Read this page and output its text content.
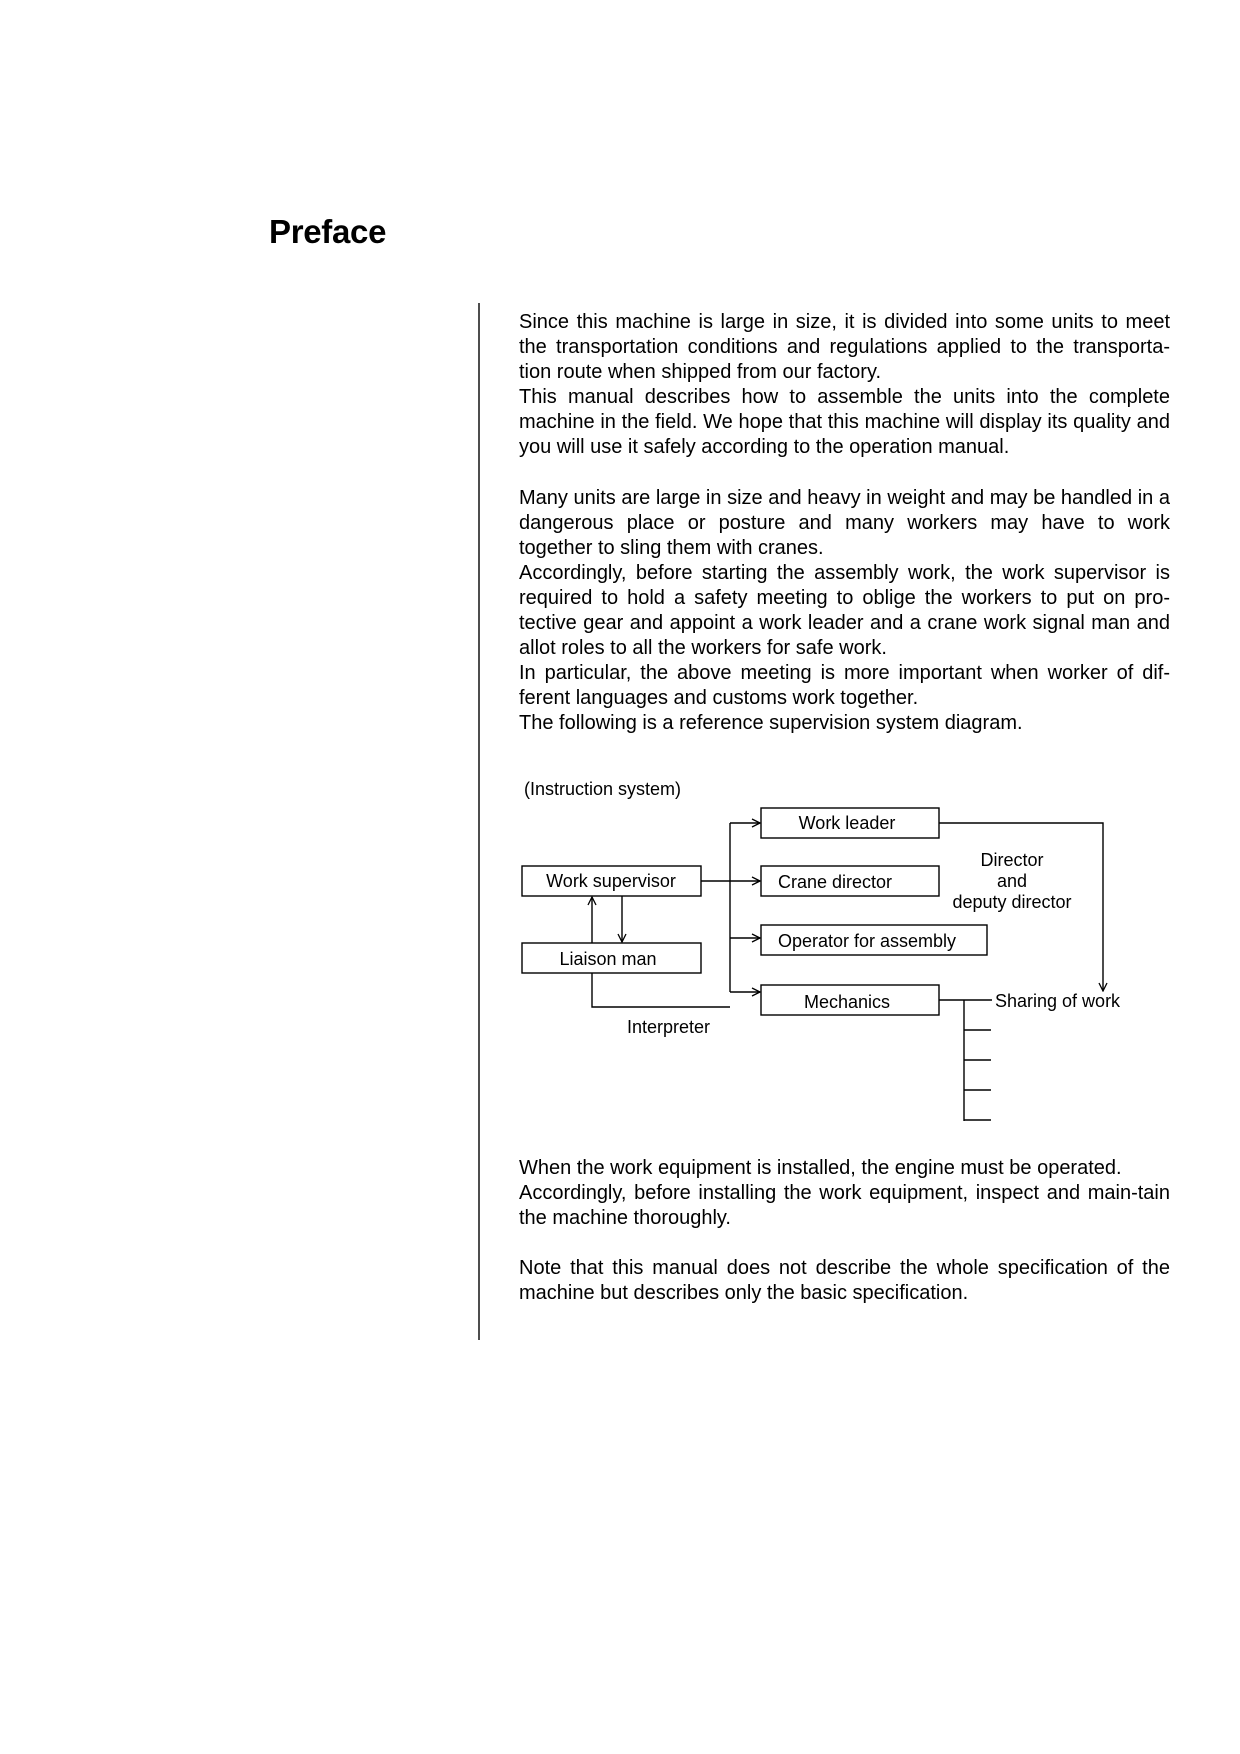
Preface

Since this machine is large in size, it is divided into some units to meet the transportation conditions and regulations applied to the transporta-tion route when shipped from our factory.

This manual describes how to assemble the units into the complete machine in the field. We hope that this machine will display its quality and you will use it safely according to the operation manual.

Many units are large in size and heavy in weight and may be handled in a dangerous place or posture and many workers may have to work together to sling them with cranes.

Accordingly, before starting the assembly work, the work supervisor is required to hold a safety meeting to oblige the workers to put on pro-tective gear and appoint a work leader and a crane work signal man and allot roles to all the workers for safe work.

In particular, the above meeting is more important when worker of dif-ferent languages and customs work together.

The following is a reference supervision system diagram.

(Instruction system)
Work supervisor
Liaison man
Interpreter
Work leader
Crane director
Operator for assembly
Mechanics
Director
and
deputy director
Sharing of work

When the work equipment is installed, the engine must be operated.

Accordingly, before installing the work equipment, inspect and main-tain the machine thoroughly.

Note that this manual does not describe the whole specification of the machine but describes only the basic specification.
